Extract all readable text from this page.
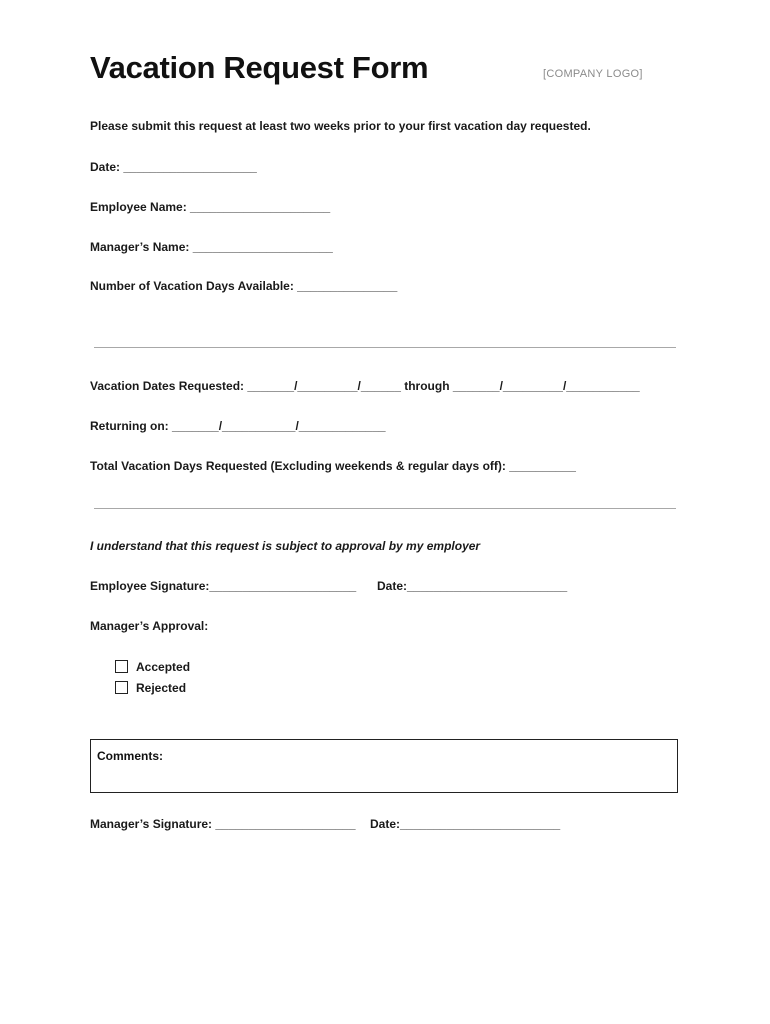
Vacation Request Form	[COMPANY LOGO]
Please submit this request at least two weeks prior to your first vacation day requested.
Date: ____________________
Employee Name: _____________________
Manager’s Name: _____________________
Number of Vacation Days Available: _______________
Vacation Dates Requested: _______/_________/______ through _______/_________/___________
Returning on: _______/___________/_____________
Total Vacation Days Requested (Excluding weekends & regular days off): __________
I understand that this request is subject to approval by my employer
Employee Signature:______________________ Date:________________________
Manager’s Approval:
Accepted
Rejected
Comments:
Manager’s Signature: _____________________ Date:________________________
